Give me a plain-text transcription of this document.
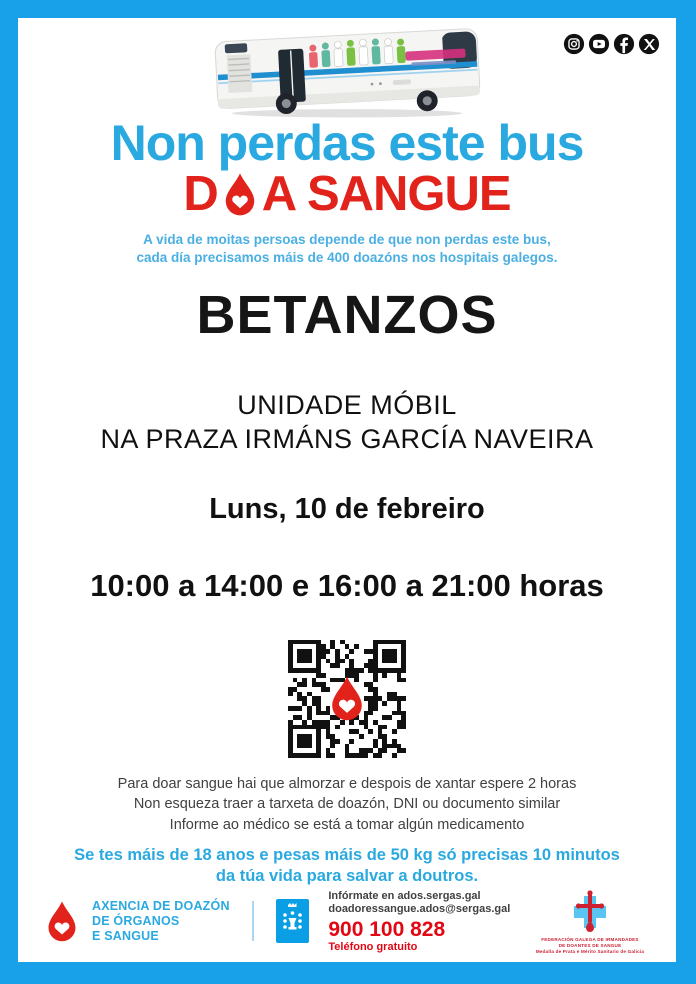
Non perdas este bus
D A SANGUE
A vida de moitas persoas depende de que non perdas este bus,
cada día precisamos máis de 400 doazóns nos hospitais galegos.
BETANZOS
UNIDADE MÓBIL
NA PRAZA IRMÁNS GARCÍA NAVEIRA
Luns, 10 de febreiro
10:00 a 14:00 e 16:00 a 21:00 horas
Para doar sangue hai que almorzar e despois de xantar espere 2 horas
Non esqueza traer a tarxeta de doazón, DNI ou documento similar
Informe ao médico se está a tomar algún medicamento
Se tes máis de 18 anos e pesas máis de 50 kg só precisas 10 minutos
da túa vida para salvar a doutros.
AXENCIA DE DOAZÓN
DE ÓRGANOS
E SANGUE
Infórmate en ados.sergas.gal
doadoressangue.ados@sergas.gal
900 100 828
Teléfono gratuito
FEDERACIÓN GALEGA DE IRMANDADES
DE DOANTES DE SANGUE
Medalla de Prata e Mérito Sanitario de Galicia
